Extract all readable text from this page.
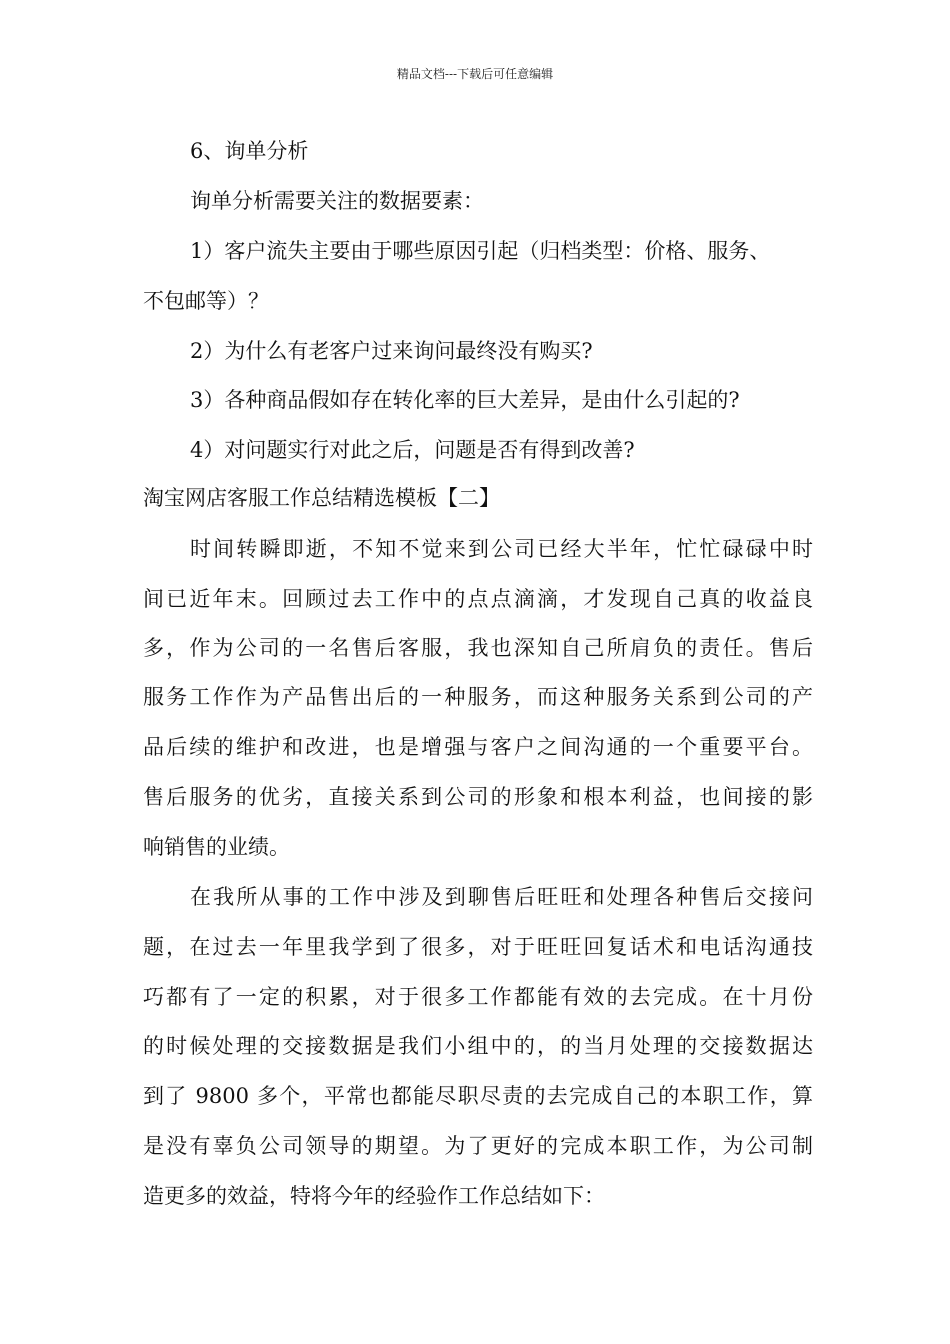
精品文档---下载后可任意编辑
6、询单分析
询单分析需要关注的数据要素：
1）客户流失主要由于哪些原因引起（归档类型：价格、服务、
不包邮等）？
2）为什么有老客户过来询问最终没有购买?
3）各种商品假如存在转化率的巨大差异，是由什么引起的?
4）对问题实行对此之后，问题是否有得到改善?
淘宝网店客服工作总结精选模板【二】
时间转瞬即逝，不知不觉来到公司已经大半年，忙忙碌碌中时
间已近年末。回顾过去工作中的点点滴滴，才发现自己真的收益良
多，作为公司的一名售后客服，我也深知自己所肩负的责任。售后
服务工作作为产品售出后的一种服务，而这种服务关系到公司的产
品后续的维护和改进，也是增强与客户之间沟通的一个重要平台。
售后服务的优劣，直接关系到公司的形象和根本利益，也间接的影
响销售的业绩。
在我所从事的工作中涉及到聊售后旺旺和处理各种售后交接问
题，在过去一年里我学到了很多，对于旺旺回复话术和电话沟通技
巧都有了一定的积累，对于很多工作都能有效的去完成。在十月份
的时候处理的交接数据是我们小组中的，的当月处理的交接数据达
到了 9800 多个，平常也都能尽职尽责的去完成自己的本职工作，算
是没有辜负公司领导的期望。为了更好的完成本职工作，为公司制
造更多的效益，特将今年的经验作工作总结如下：
